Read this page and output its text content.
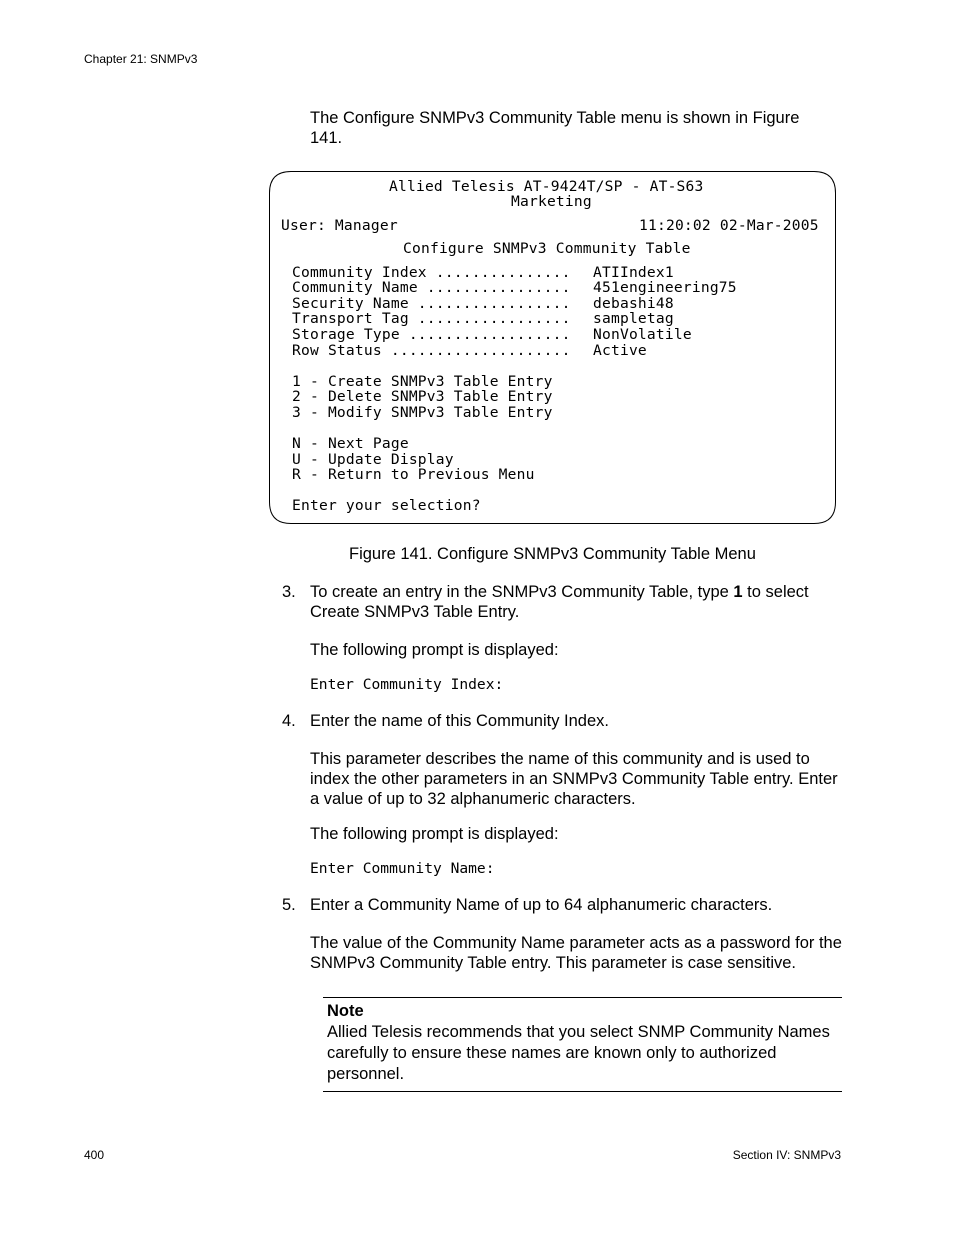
Chapter 21: SNMPv3
The Configure SNMPv3 Community Table menu is shown in Figure 141.
Allied Telesis AT-9424T/SP - AT-S63
Marketing
User: Manager	11:20:02 02-Mar-2005
Configure SNMPv3 Community Table
Community Index ............... ATIIndex1
Community Name ................ 451engineering75
Security Name ................. debashi48
Transport Tag ................. sampletag
Storage Type .................. NonVolatile
Row Status .................... Active
1 - Create SNMPv3 Table Entry
2 - Delete SNMPv3 Table Entry
3 - Modify SNMPv3 Table Entry
N - Next Page
U - Update Display
R - Return to Previous Menu
Enter your selection?
Figure 141. Configure SNMPv3 Community Table Menu
3. To create an entry in the SNMPv3 Community Table, type 1 to select Create SNMPv3 Table Entry.
The following prompt is displayed:
Enter Community Index:
4. Enter the name of this Community Index.
This parameter describes the name of this community and is used to index the other parameters in an SNMPv3 Community Table entry. Enter a value of up to 32 alphanumeric characters.
The following prompt is displayed:
Enter Community Name:
5. Enter a Community Name of up to 64 alphanumeric characters.
The value of the Community Name parameter acts as a password for the SNMPv3 Community Table entry. This parameter is case sensitive.
Note
Allied Telesis recommends that you select SNMP Community Names carefully to ensure these names are known only to authorized personnel.
400	Section IV: SNMPv3
